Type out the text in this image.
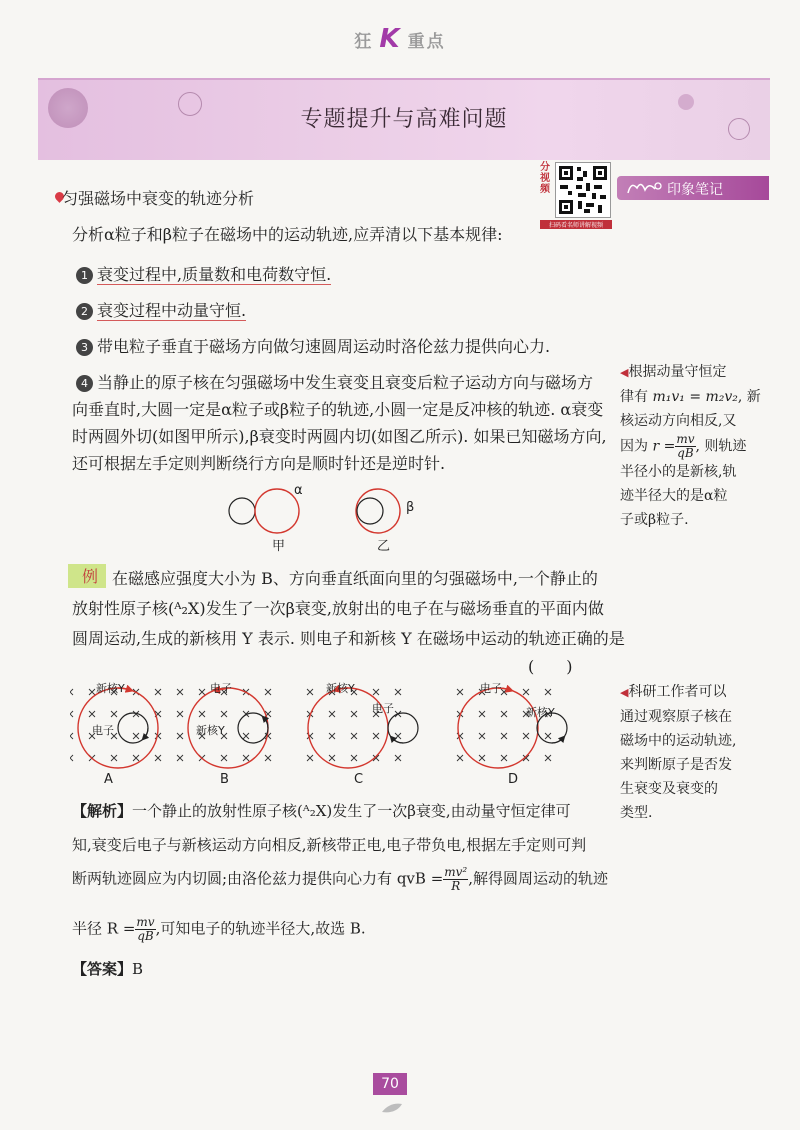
狂 K 重点
专题提升与高难问题
分视频
扫码看名师讲解视频
印象笔记
匀强磁场中衰变的轨迹分析
分析α粒子和β粒子在磁场中的运动轨迹,应弄清以下基本规律:
1 衰变过程中,质量数和电荷数守恒.
2 衰变过程中动量守恒.
3 带电粒子垂直于磁场方向做匀速圆周运动时洛伦兹力提供向心力.
4 当静止的原子核在匀强磁场中发生衰变且衰变后粒子运动方向与磁场方
向垂直时,大圆一定是α粒子或β粒子的轨迹,小圆一定是反冲核的轨迹. α衰变
时两圆外切(如图甲所示),β衰变时两圆内切(如图乙所示). 如果已知磁场方向,
还可根据左手定则判断绕行方向是顺时针还是逆时针.
◀根据动量守恒定
律有 m₁v₁ = m₂v₂, 新
核运动方向相反,又
因为 $r = \frac{mv}{qB}$ , 则轨迹
半径小的是新核,轨
迹半径大的是α粒
子或β粒子.
α
β
甲	乙
例 在磁感应强度大小为 B、方向垂直纸面向里的匀强磁场中,一个静止的
放射性原子核(ᴬ₂X)发生了一次β衰变,放射出的电子在与磁场垂直的平面内做
圆周运动,生成的新核用 Y 表示. 则电子和新核 Y 在磁场中运动的轨迹正确的是
(　　)
新核Y
电子
A
电子
新核Y
B
新核Y
电子
C
电子
新核Y
D
◀科研工作者可以
通过观察原子核在
磁场中的运动轨迹,
来判断原子是否发
生衰变及衰变的
类型.
【解析】一个静止的放射性原子核(ᴬ₂X)发生了一次β衰变,由动量守恒定律可
知,衰变后电子与新核运动方向相反,新核带正电,电子带负电,根据左手定则可判
断两轨迹圆应为内切圆;由洛伦兹力提供向心力有 qvB = $\frac{\text{mv²}}{R}$ ,解得圆周运动的轨迹
半径 $R = \frac{mv}{qB}$ ,可知电子的轨迹半径大,故选 B.
【答案】B
70
